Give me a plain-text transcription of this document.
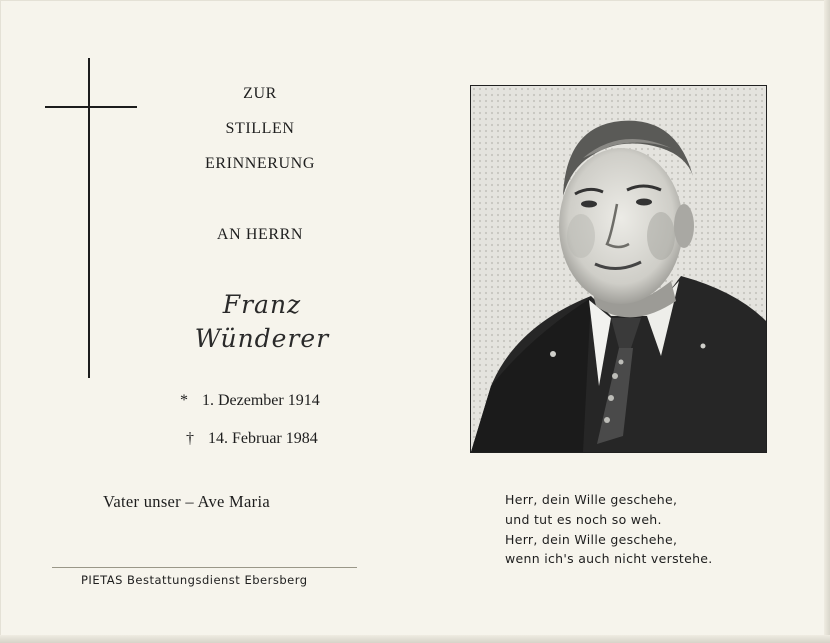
ZUR
STILLEN
ERINNERUNG
AN HERRN
Franz
Wünderer
* 1. Dezember 1914
† 14. Februar 1984
Vater unser – Ave Maria
PIETAS Bestattungsdienst Ebersberg
Herr, dein Wille geschehe,
und tut es noch so weh.
Herr, dein Wille geschehe,
wenn ich's auch nicht verstehe.
